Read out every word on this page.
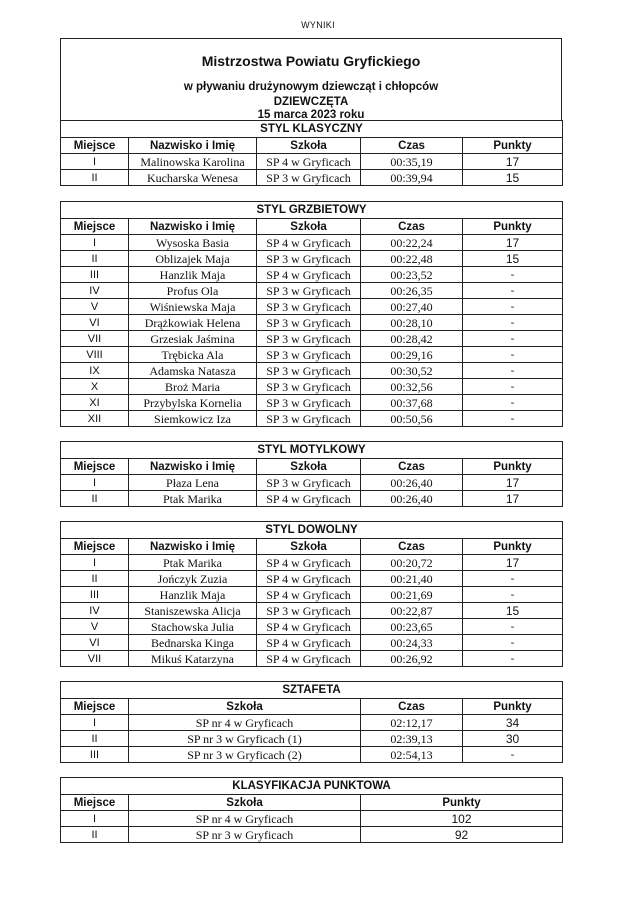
WYNIKI
Mistrzostwa Powiatu Gryfickiego
w pływaniu drużynowym dziewcząt i chłopców
DZIEWCZĘTA
15 marca 2023 roku
STYL KLASYCZNY				
Miejsce	Nazwisko i Imię	Szkoła	Czas	Punkty
I	Malinowska Karolina	SP 4 w Gryficach	00:35,19	17
II	Kucharska Wenesa	SP 3 w Gryficach	00:39,94	15
STYL GRZBIETOWY				
Miejsce	Nazwisko i Imię	Szkoła	Czas	Punkty
I	Wysoska Basia	SP 4 w Gryficach	00:22,24	17
II	Oblizajek Maja	SP 3 w Gryficach	00:22,48	15
III	Hanzlik Maja	SP 4 w Gryficach	00:23,52	-
IV	Profus Ola	SP 3 w Gryficach	00:26,35	-
V	Wiśniewska Maja	SP 3 w Gryficach	00:27,40	-
VI	Drążkowiak Helena	SP 3 w Gryficach	00:28,10	-
VII	Grzesiak Jaśmina	SP 3 w Gryficach	00:28,42	-
VIII	Trębicka Ala	SP 3 w Gryficach	00:29,16	-
IX	Adamska Natasza	SP 3 w Gryficach	00:30,52	-
X	Broż Maria	SP 3 w Gryficach	00:32,56	-
XI	Przybylska Kornelia	SP 3 w Gryficach	00:37,68	-
XII	Siemkowicz Iza	SP 3 w Gryficach	00:50,56	-
STYL MOTYLKOWY				
Miejsce	Nazwisko i Imię	Szkoła	Czas	Punkty
I	Płaza Lena	SP 3 w Gryficach	00:26,40	17
II	Ptak Marika	SP 4 w Gryficach	00:26,40	17
STYL DOWOLNY				
Miejsce	Nazwisko i Imię	Szkoła	Czas	Punkty
I	Ptak Marika	SP 4 w Gryficach	00:20,72	17
II	Jończyk Zuzia	SP 4 w Gryficach	00:21,40	-
III	Hanzlik Maja	SP 4 w Gryficach	00:21,69	-
IV	Staniszewska Alicja	SP 3 w Gryficach	00:22,87	15
V	Stachowska Julia	SP 4 w Gryficach	00:23,65	-
VI	Bednarska Kinga	SP 4 w Gryficach	00:24,33	-
VII	Mikuś Katarzyna	SP 4 w Gryficach	00:26,92	-
SZTAFETA			
Miejsce	Szkoła	Czas	Punkty
I	SP nr 4 w Gryficach	02:12,17	34
II	SP nr 3 w Gryficach (1)	02:39,13	30
III	SP nr 3 w Gryficach (2)	02:54,13	-
KLASYFIKACJA PUNKTOWA		
Miejsce	Szkoła	Punkty
I	SP nr 4 w Gryficach	102
II	SP nr 3 w Gryficach	92
